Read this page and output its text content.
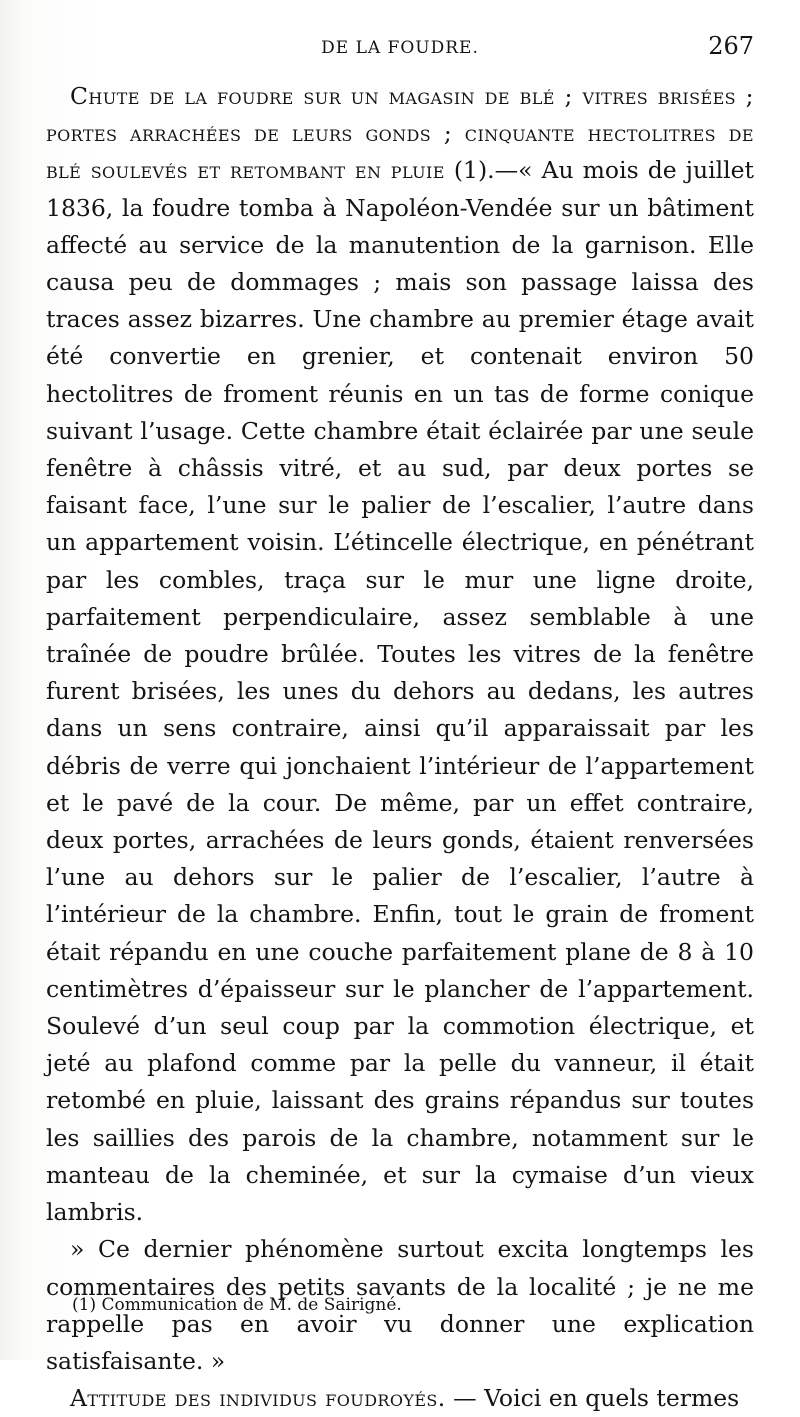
DE LA FOUDRE.	267

Chute de la foudre sur un magasin de blé ; vitres brisées ; portes arrachées de leurs gonds ; cinquante hectolitres de blé soulevés et retombant en pluie (1).—« Au mois de juillet 1836, la foudre tomba à Napoléon-Vendée sur un bâtiment affecté au service de la manutention de la garnison. Elle causa peu de dommages ; mais son passage laissa des traces assez bizarres. Une chambre au premier étage avait été convertie en grenier, et contenait environ 50 hectolitres de froment réunis en un tas de forme conique suivant l’usage. Cette chambre était éclairée par une seule fenêtre à châssis vitré, et au sud, par deux portes se faisant face, l’une sur le palier de l’escalier, l’autre dans un appartement voisin. L’étincelle électrique, en pénétrant par les combles, traça sur le mur une ligne droite, parfaitement perpendiculaire, assez semblable à une traînée de poudre brûlée. Toutes les vitres de la fenêtre furent brisées, les unes du dehors au dedans, les autres dans un sens contraire, ainsi qu’il apparaissait par les débris de verre qui jonchaient l’intérieur de l’appartement et le pavé de la cour. De même, par un effet contraire, deux portes, arrachées de leurs gonds, étaient renversées l’une au dehors sur le palier de l’escalier, l’autre à l’intérieur de la chambre. Enfin, tout le grain de froment était répandu en une couche parfaitement plane de 8 à 10 centimètres d’épaisseur sur le plancher de l’appartement. Soulevé d’un seul coup par la commotion électrique, et jeté au plafond comme par la pelle du vanneur, il était retombé en pluie, laissant des grains répandus sur toutes les saillies des parois de la chambre, notamment sur le manteau de la cheminée, et sur la cymaise d’un vieux lambris.

» Ce dernier phénomène surtout excita longtemps les commentaires des petits savants de la localité ; je ne me rappelle pas en avoir vu donner une explication satisfaisante. »

Attitude des individus foudroyés. — Voici en quels termes

(1) Communication de M. de Sairigné.
